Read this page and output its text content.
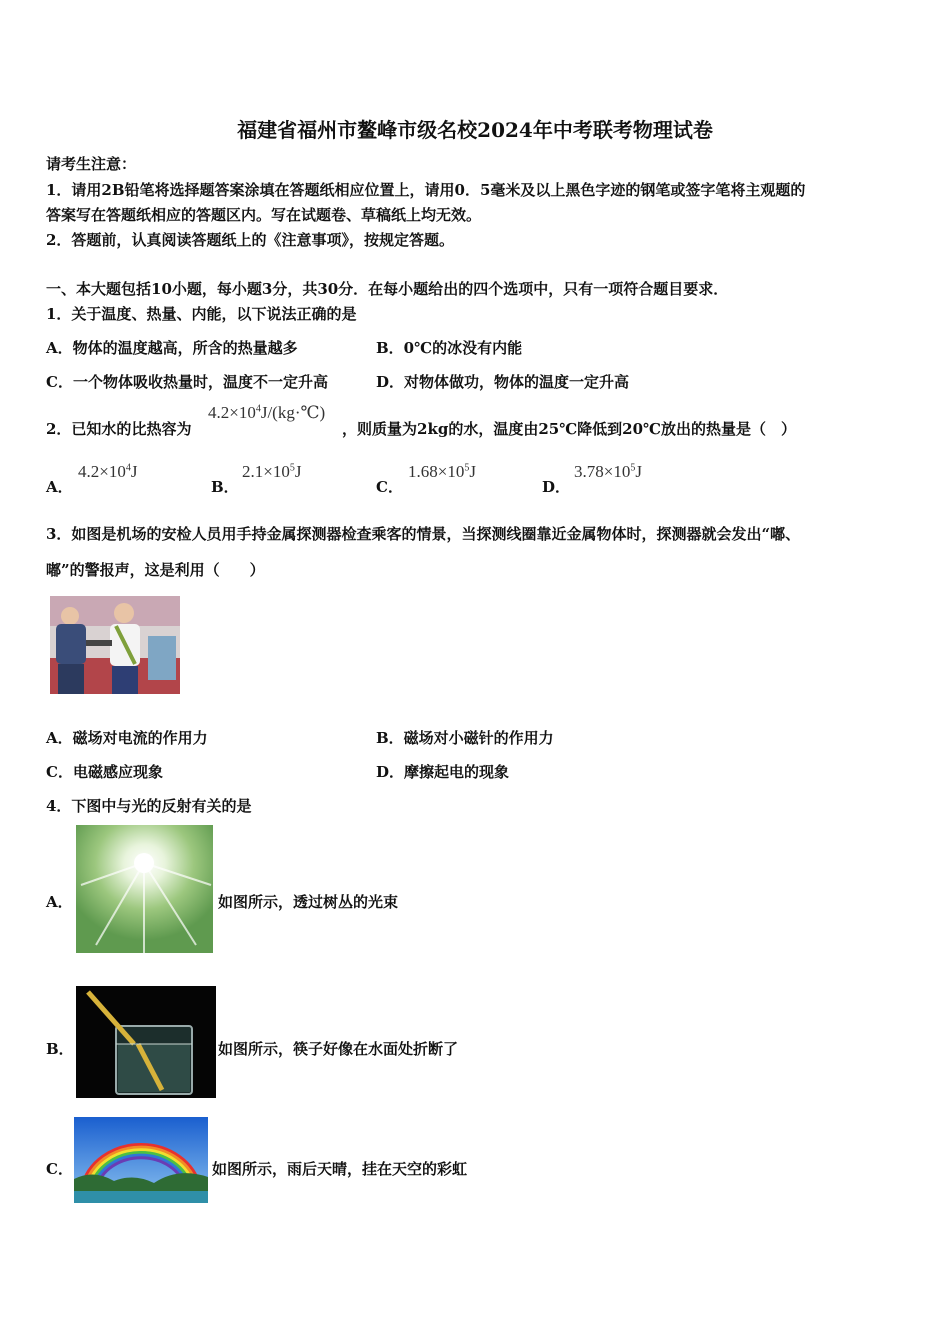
福建省福州市鳌峰市级名校2024年中考联考物理试卷
请考生注意：
1．请用2B铅笔将选择题答案涂填在答题纸相应位置上，请用0．5毫米及以上黑色字迹的钢笔或签字笔将主观题的
答案写在答题纸相应的答题区内。写在试题卷、草稿纸上均无效。
2．答题前，认真阅读答题纸上的《注意事项》，按规定答题。
一、本大题包括10小题，每小题3分，共30分．在每小题给出的四个选项中，只有一项符合题目要求．
1．关于温度、热量、内能，以下说法正确的是
A．物体的温度越高，所含的热量越多	B．0℃的冰没有内能
C．一个物体吸收热量时，温度不一定升高	D．对物体做功，物体的温度一定升高
2．已知水的比热容为
$4.2\times 10^4J/(kg\cdot℃)$
，则质量为2kg的水，温度由25℃降低到20℃放出的热量是（　）
A．
$4.2\times 10^4J$
B．
$2.1\times 10^5J$
C．
$1.68\times 10^5J$
D．
$3.78\times 10^5J$
3．如图是机场的安检人员用手持金属探测器检查乘客的情景，当探测线圈靠近金属物体时，探测器就会发出“嘟、
嘟”的警报声，这是利用（　　）
A．磁场对电流的作用力	B．磁场对小磁针的作用力
C．电磁感应现象	D．摩擦起电的现象
4．下图中与光的反射有关的是
A．	如图所示，透过树丛的光束
B．	如图所示，筷子好像在水面处折断了
C．	如图所示，雨后天晴，挂在天空的彩虹
